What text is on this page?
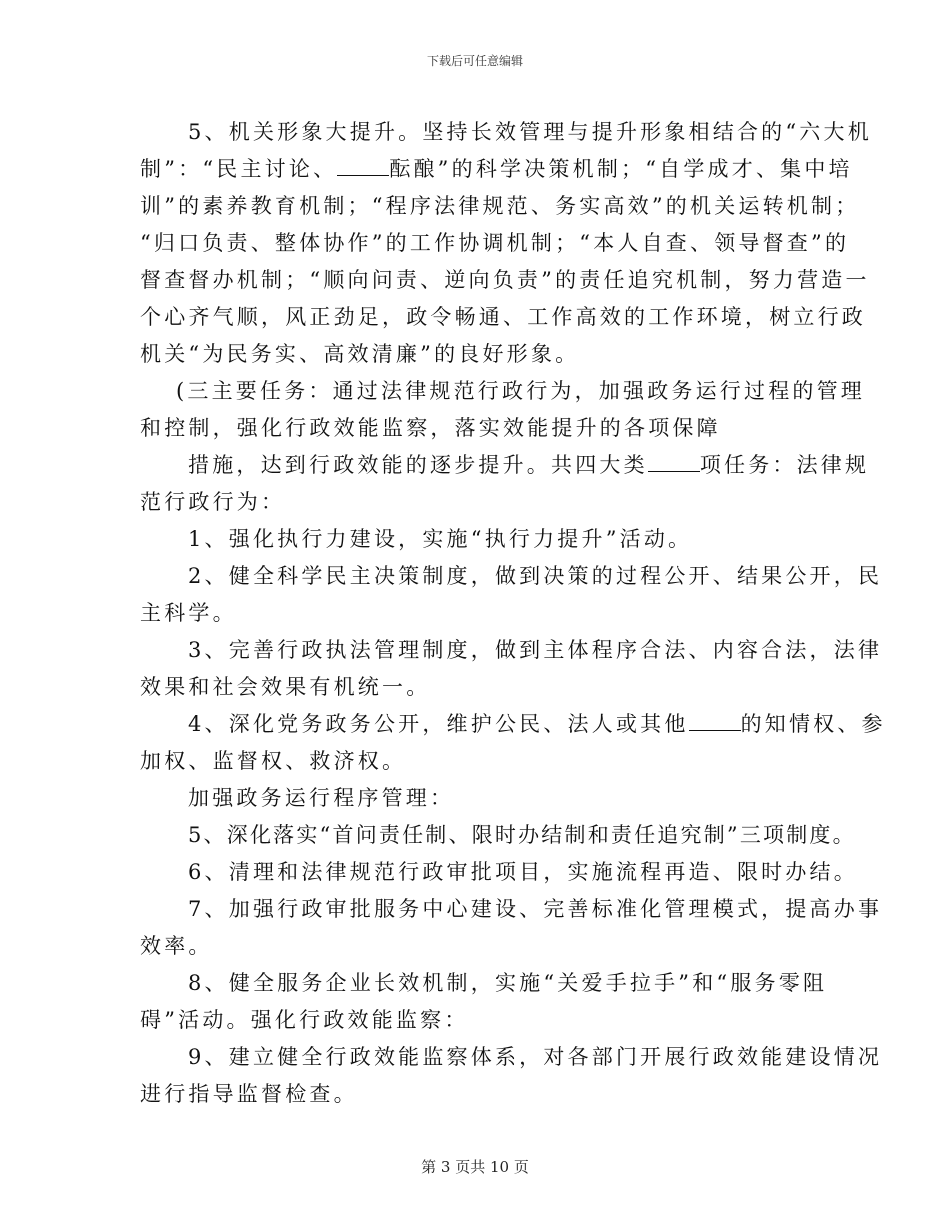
下载后可任意编辑
5、机关形象大提升。坚持长效管理与提升形象相结合的“六大机
制”：“民主讨论、 酝酿”的科学决策机制；“自学成才、集中培
训”的素养教育机制；“程序法律规范、务实高效”的机关运转机制；
“归口负责、整体协作”的工作协调机制；“本人自查、领导督查”的
督查督办机制；“顺向问责、逆向负责”的责任追究机制，努力营造一
个心齐气顺，风正劲足，政令畅通、工作高效的工作环境，树立行政
机关“为民务实、高效清廉”的良好形象。
(三主要任务：通过法律规范行政行为，加强政务运行过程的管理
和控制，强化行政效能监察，落实效能提升的各项保障
措施，达到行政效能的逐步提升。共四大类 项任务：法律规
范行政行为：
1、强化执行力建设，实施“执行力提升”活动。
2、健全科学民主决策制度，做到决策的过程公开、结果公开，民
主科学。
3、完善行政执法管理制度，做到主体程序合法、内容合法，法律
效果和社会效果有机统一。
4、深化党务政务公开，维护公民、法人或其他 的知情权、参
加权、监督权、救济权。
加强政务运行程序管理：
5、深化落实“首问责任制、限时办结制和责任追究制”三项制度。
6、清理和法律规范行政审批项目，实施流程再造、限时办结。
7、加强行政审批服务中心建设、完善标准化管理模式，提高办事
效率。
8、健全服务企业长效机制，实施“关爱手拉手”和“服务零阻
碍”活动。强化行政效能监察：
9、建立健全行政效能监察体系，对各部门开展行政效能建设情况
进行指导监督检查。
第 3 页共 10 页
